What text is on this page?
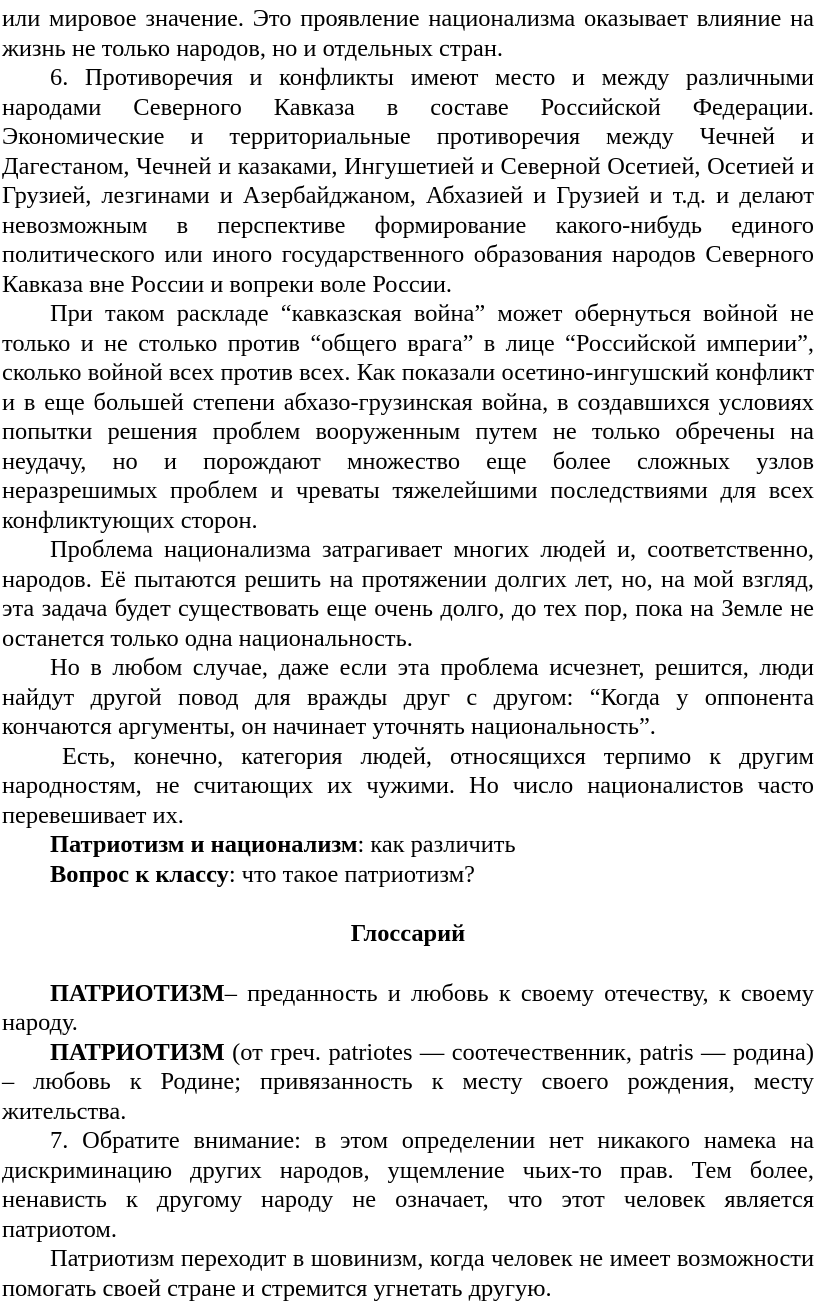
или мировое значение. Это проявление национализма оказывает влияние на жизнь не только народов, но и отдельных стран.

6. Противоречия и конфликты имеют место и между различными народами Северного Кавказа в составе Российской Федерации. Экономические и территориальные противоречия между Чечней и Дагестаном, Чечней и казаками, Ингушетией и Северной Осетией, Осетией и Грузией, лезгинами и Азербайджаном, Абхазией и Грузией и т.д. и делают невозможным в перспективе формирование какого-нибудь единого политического или иного государственного образования народов Северного Кавказа вне России и вопреки воле России.

При таком раскладе “кавказская война” может обернуться войной не только и не столько против “общего врага” в лице “Российской империи”, сколько войной всех против всех. Как показали осетино-ингушский конфликт и в еще большей степени абхазо-грузинская война, в создавшихся условиях попытки решения проблем вооруженным путем не только обречены на неудачу, но и порождают множество еще более сложных узлов неразрешимых проблем и чреваты тяжелейшими последствиями для всех конфликтующих сторон.

Проблема национализма затрагивает многих людей и, соответственно, народов. Её пытаются решить на протяжении долгих лет, но, на мой взгляд, эта задача будет существовать еще очень долго, до тех пор, пока на Земле не останется только одна национальность.

Но в любом случае, даже если эта проблема исчезнет, решится, люди найдут другой повод для вражды друг с другом: “Когда у оппонента кончаются аргументы, он начинает уточнять национальность”.

Есть, конечно, категория людей, относящихся терпимо к другим народностям, не считающих их чужими. Но число националистов часто перевешивает их.

Патриотизм и национализм: как различить

Вопрос к классу: что такое патриотизм?

Глоссарий

ПАТРИОТИЗМ– преданность и любовь к своему отечеству, к своему народу.

ПАТРИОТИЗМ (от греч. patriotes — соотечественник, patris — родина) – любовь к Родине; привязанность к месту своего рождения, месту жительства.

7. Обратите внимание: в этом определении нет никакого намека на дискриминацию других народов, ущемление чьих-то прав. Тем более, ненависть к другому народу не означает, что этот человек является патриотом.

Патриотизм переходит в шовинизм, когда человек не имеет возможности помогать своей стране и стремится угнетать другую.
